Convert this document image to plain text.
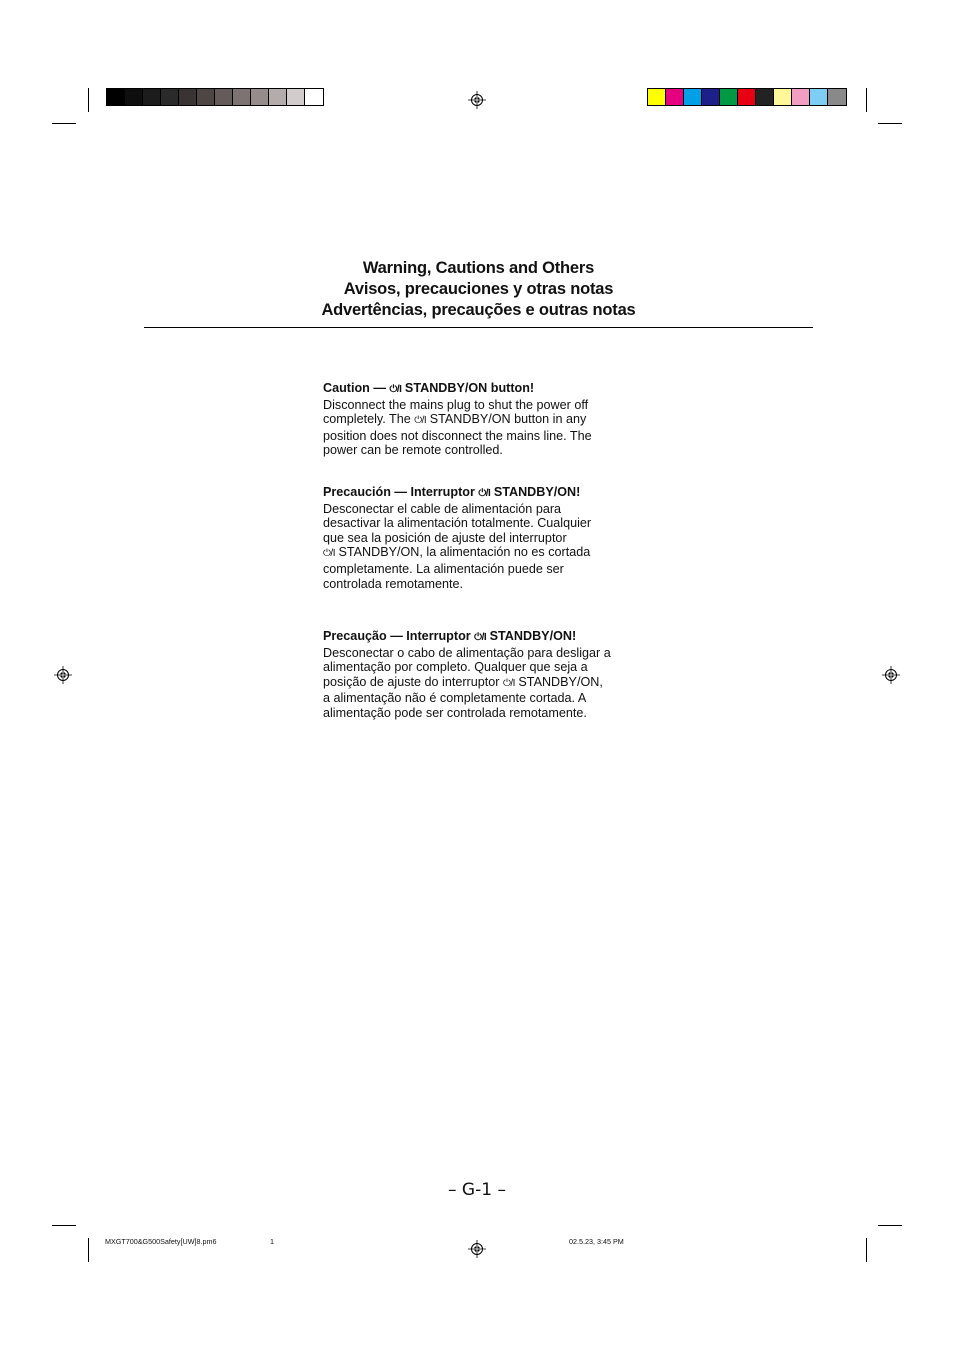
Warning, Cautions and Others
Avisos, precauciones y otras notas
Advertências, precauções e outras notas
Caution — ⏻/I STANDBY/ON button!
Disconnect the mains plug to shut the power off
completely. The ⏻/I STANDBY/ON button in any
position does not disconnect the mains line. The
power can be remote controlled.
Precaución — Interruptor ⏻/I STANDBY/ON!
Desconectar el cable de alimentación para
desactivar la alimentación totalmente. Cualquier
que sea la posición de ajuste del interruptor
⏻/I STANDBY/ON, la alimentación no es cortada
completamente. La alimentación puede ser
controlada remotamente.
Precaução — Interruptor ⏻/I STANDBY/ON!
Desconectar o cabo de alimentação para desligar a
alimentação por completo. Qualquer que seja a
posição de ajuste do interruptor ⏻/I STANDBY/ON,
a alimentação não é completamente cortada. A
alimentação pode ser controlada remotamente.
– G-1 –
MXGT700&G500Safety[UW]8.pm6	1	02.5.23, 3:45 PM
